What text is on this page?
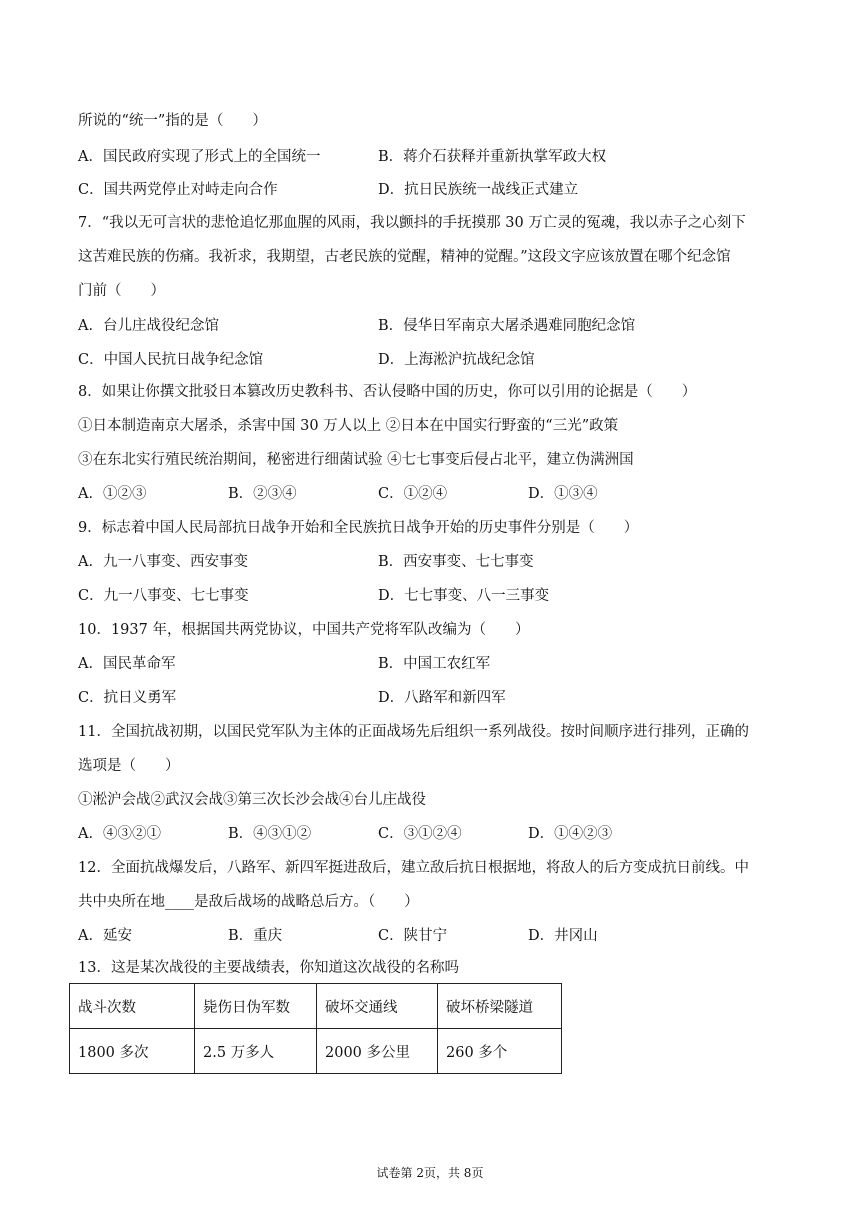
所说的“统一”指的是（　　）
A．国民政府实现了形式上的全国统一	B．蒋介石获释并重新执掌军政大权
C．国共两党停止对峙走向合作	D．抗日民族统一战线正式建立
7．“我以无可言状的悲怆追忆那血腥的风雨，我以颤抖的手抚摸那 30 万亡灵的冤魂，我以赤子之心刻下
这苦难民族的伤痛。我祈求，我期望，古老民族的觉醒，精神的觉醒。”这段文字应该放置在哪个纪念馆
门前（　　）
A．台儿庄战役纪念馆	B．侵华日军南京大屠杀遇难同胞纪念馆
C．中国人民抗日战争纪念馆	D．上海淞沪抗战纪念馆
8．如果让你撰文批驳日本篡改历史教科书、否认侵略中国的历史，你可以引用的论据是（　　）
①日本制造南京大屠杀，杀害中国 30 万人以上 ②日本在中国实行野蛮的“三光”政策
③在东北实行殖民统治期间，秘密进行细菌试验 ④七七事变后侵占北平，建立伪满洲国
A．①②③	B．②③④	C．①②④	D．①③④
9．标志着中国人民局部抗日战争开始和全民族抗日战争开始的历史事件分别是（　　）
A．九一八事变、西安事变	B．西安事变、七七事变
C．九一八事变、七七事变	D．七七事变、八一三事变
10．1937 年，根据国共两党协议，中国共产党将军队改编为（　　）
A．国民革命军	B．中国工农红军
C．抗日义勇军	D．八路军和新四军
11．全国抗战初期，以国民党军队为主体的正面战场先后组织一系列战役。按时间顺序进行排列，正确的
选项是（　　）
①淞沪会战②武汉会战③第三次长沙会战④台儿庄战役
A．④③②①	B．④③①②	C．③①②④	D．①④②③
12．全面抗战爆发后，八路军、新四军挺进敌后，建立敌后抗日根据地，将敌人的后方变成抗日前线。中
共中央所在地____是敌后战场的战略总后方。（　　）
A．延安	B．重庆	C．陕甘宁	D．井冈山
13．这是某次战役的主要战绩表，你知道这次战役的名称吗
战斗次数	毙伤日伪军数	破坏交通线	破坏桥梁隧道
1800 多次	2.5 万多人	2000 多公里	260 多个
试卷第 2页，共 8页
